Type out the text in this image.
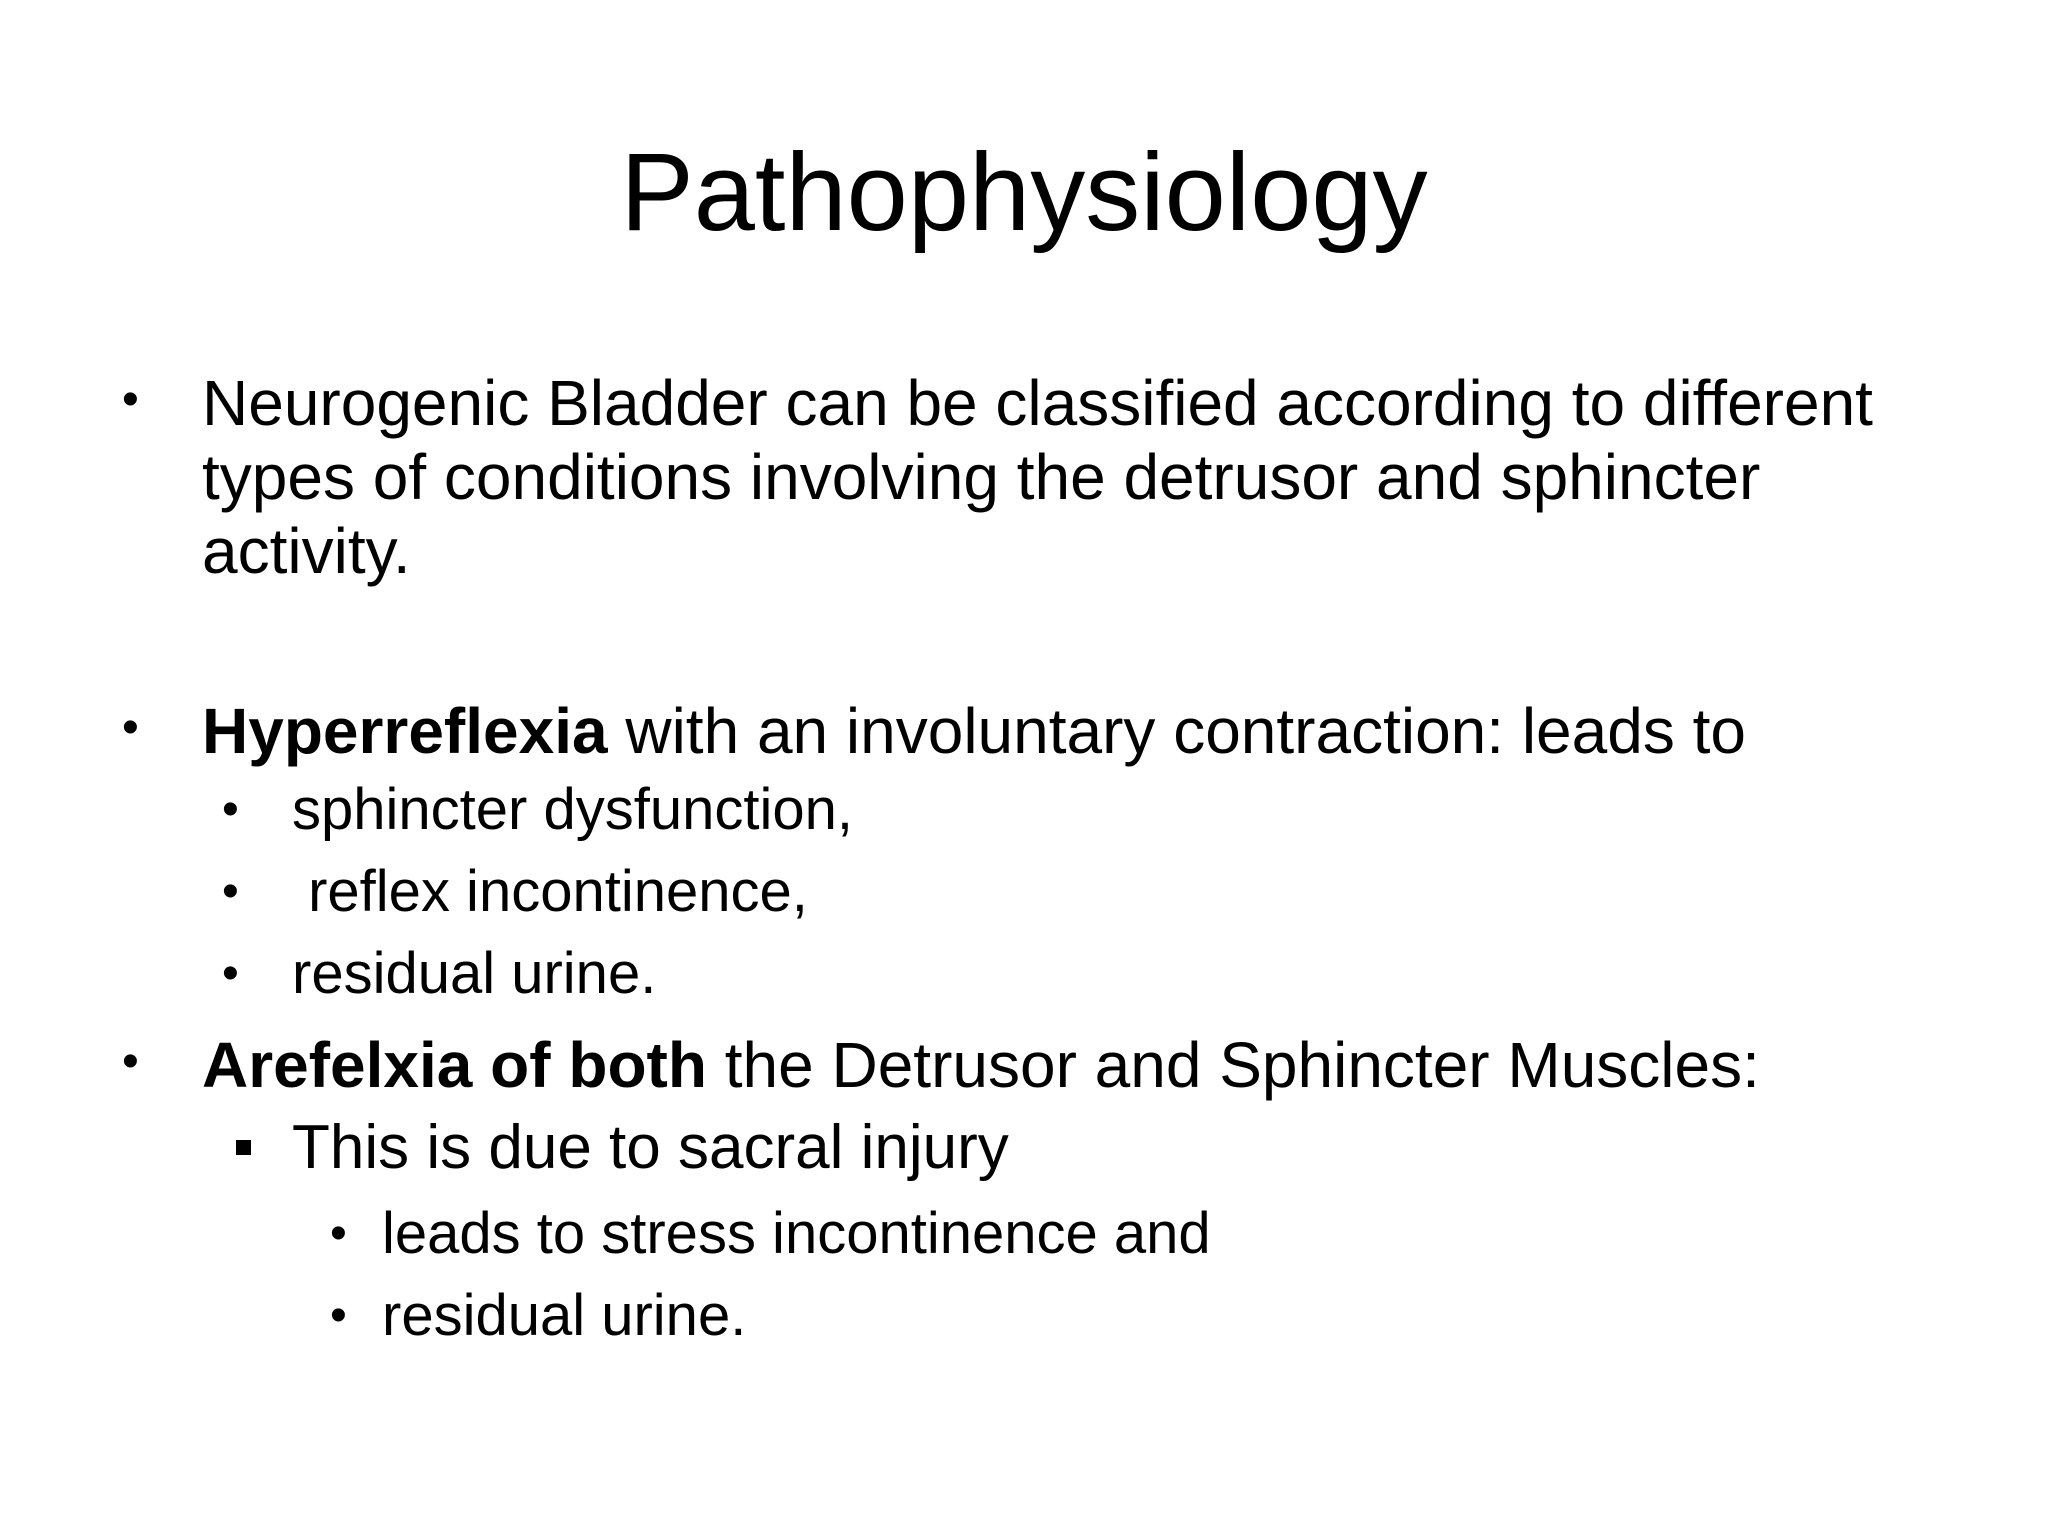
Pathophysiology
• Neurogenic Bladder can be classified according to different
types of conditions involving the detrusor and sphincter
activity.
• Hyperreflexia with an involuntary contraction: leads to
• sphincter dysfunction,
• reflex incontinence,
• residual urine.
• Arefelxia of both the Detrusor and Sphincter Muscles:
This is due to sacral injury
• leads to stress incontinence and
• residual urine.
